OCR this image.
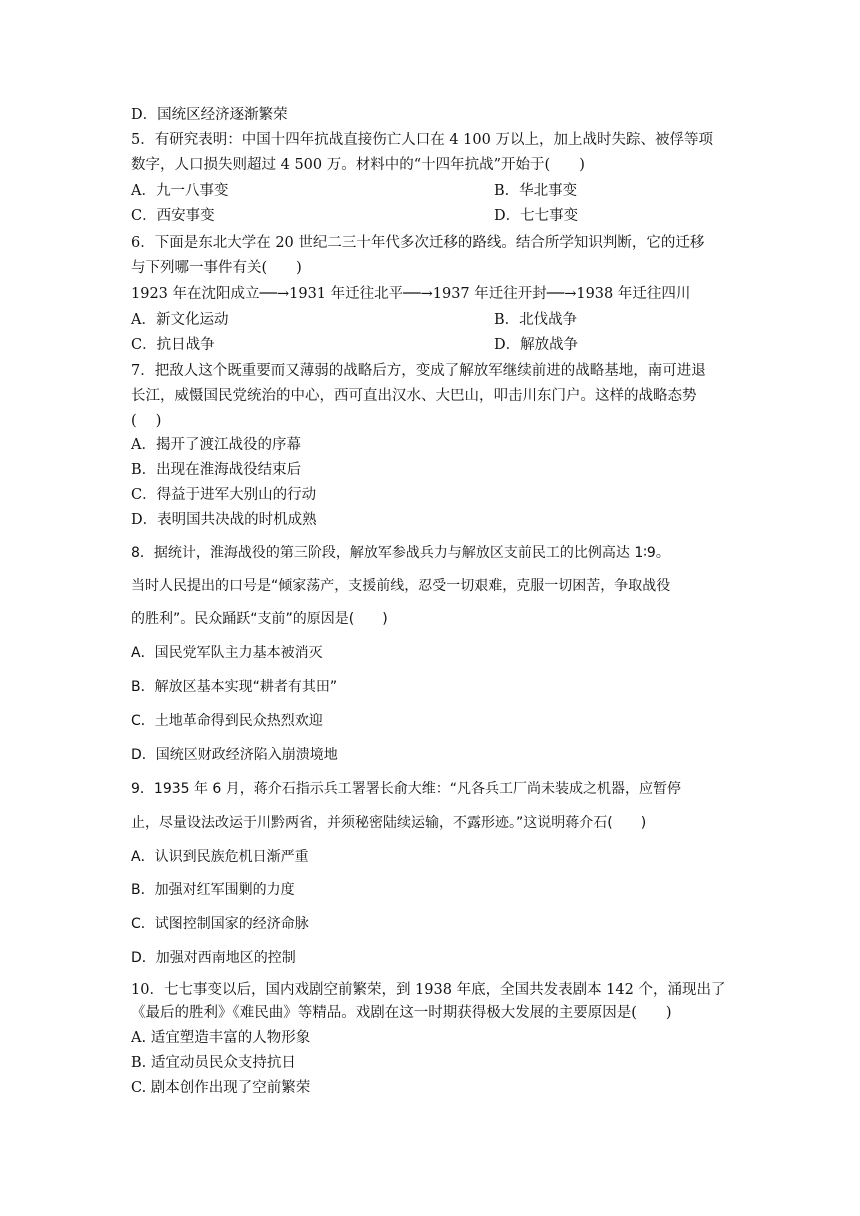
D．国统区经济逐渐繁荣
5．有研究表明：中国十四年抗战直接伤亡人口在 4 100 万以上，加上战时失踪、被俘等项
数字，人口损失则超过 4 500 万。材料中的“十四年抗战”开始于(　　)
A．九一八事变	B．华北事变
C．西安事变	D．七七事变
6．下面是东北大学在 20 世纪二三十年代多次迁移的路线。结合所学知识判断，它的迁移
与下列哪一事件有关(　　)
1923 年在沈阳成立──→1931 年迁往北平──→1937 年迁往开封──→1938 年迁往四川
A．新文化运动	B．北伐战争
C．抗日战争	D．解放战争
7．把敌人这个既重要而又薄弱的战略后方，变成了解放军继续前进的战略基地，南可进退
长江，威慑国民党统治的中心，西可直出汉水、大巴山，叩击川东门户。这样的战略态势
(　 )
A．揭开了渡江战役的序幕
B．出现在淮海战役结束后
C．得益于进军大别山的行动
D．表明国共决战的时机成熟
8．据统计，淮海战役的第三阶段，解放军参战兵力与解放区支前民工的比例高达 1∶9。
当时人民提出的口号是“倾家荡产，支援前线，忍受一切艰难，克服一切困苦，争取战役
的胜利”。民众踊跃“支前”的原因是(　　)
A．国民党军队主力基本被消灭
B．解放区基本实现“耕者有其田”
C．土地革命得到民众热烈欢迎
D．国统区财政经济陷入崩溃境地
9．1935 年 6 月，蒋介石指示兵工署署长俞大维：“凡各兵工厂尚未装成之机器，应暂停
止，尽量设法改运于川黔两省，并须秘密陆续运输，不露形迹。”这说明蒋介石(　　)
A．认识到民族危机日渐严重
B．加强对红军围剿的力度
C．试图控制国家的经济命脉
D．加强对西南地区的控制
10．七七事变以后，国内戏剧空前繁荣，到 1938 年底，全国共发表剧本 142 个，涌现出了
《最后的胜利》《难民曲》等精品。戏剧在这一时期获得极大发展的主要原因是(　　)
A. 适宜塑造丰富的人物形象
B. 适宜动员民众支持抗日
C. 剧本创作出现了空前繁荣
